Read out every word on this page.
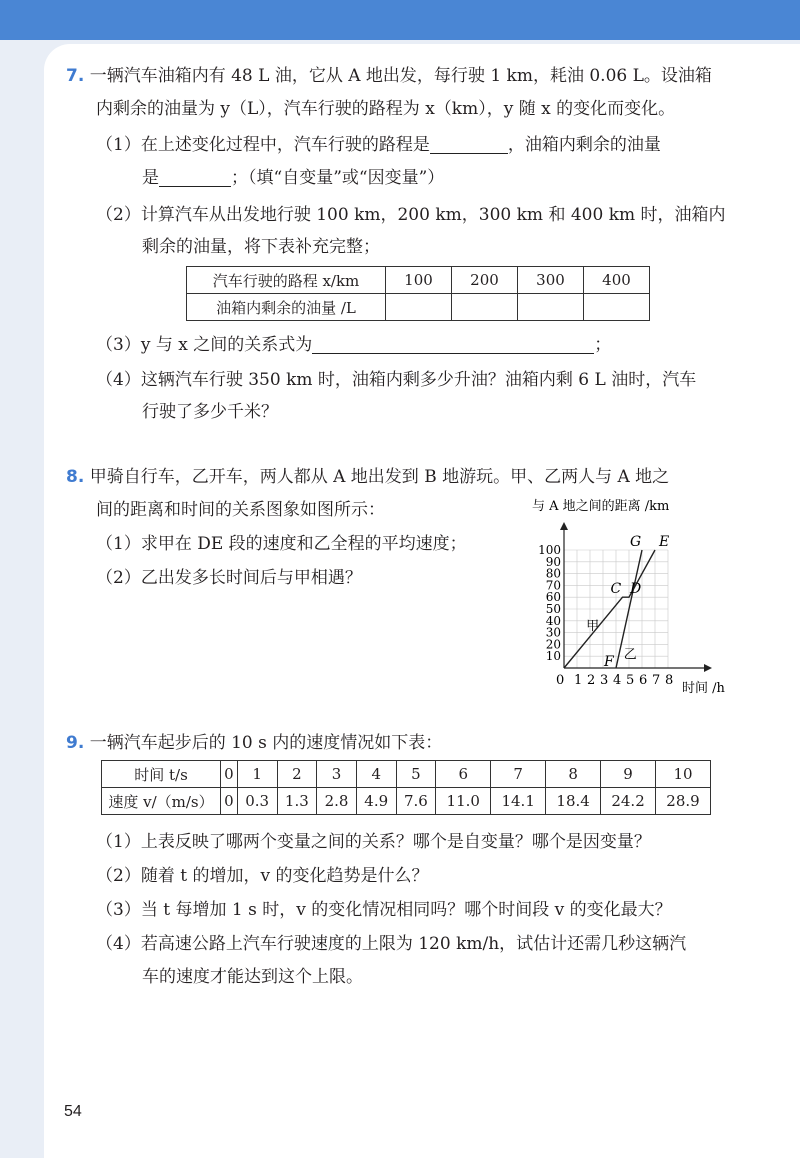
7. 一辆汽车油箱内有 48 L 油，它从 A 地出发，每行驶 1 km，耗油 0.06 L。设油箱
内剩余的油量为 y（L），汽车行驶的路程为 x（km），y 随 x 的变化而变化。
（1）在上述变化过程中，汽车行驶的路程是	，油箱内剩余的油量
是	；（填“自变量”或“因变量”）
（2）计算汽车从出发地行驶 100 km，200 km，300 km 和 400 km 时，油箱内
剩余的油量，将下表补充完整；
汽车行驶的路程 x/km	100	200	300	400
油箱内剩余的油量 /L				
（3）y 与 x 之间的关系式为	；
（4）这辆汽车行驶 350 km 时，油箱内剩多少升油？油箱内剩 6 L 油时，汽车
行驶了多少千米？
8. 甲骑自行车，乙开车，两人都从 A 地出发到 B 地游玩。甲、乙两人与 A 地之
间的距离和时间的关系图象如图所示：
（1）求甲在 DE 段的速度和乙全程的平均速度；
（2）乙出发多长时间后与甲相遇？
与 A 地之间的距离 /km
时间 /h
0 1 2 3 4 5 6 7 8
10
20
30
40
50
60
70
80
90
100
甲
乙
C D
E
F
G
9. 一辆汽车起步后的 10 s 内的速度情况如下表：
时间 t/s	0	1	2	3	4	5	6	7	8	9	10
速度 v/（m/s）	0	0.3	1.3	2.8	4.9	7.6	11.0	14.1	18.4	24.2	28.9
（1）上表反映了哪两个变量之间的关系？哪个是自变量？哪个是因变量？
（2）随着 t 的增加，v 的变化趋势是什么？
（3）当 t 每增加 1 s 时，v 的变化情况相同吗？哪个时间段 v 的变化最大？
（4）若高速公路上汽车行驶速度的上限为 120 km/h，试估计还需几秒这辆汽
车的速度才能达到这个上限。
54
